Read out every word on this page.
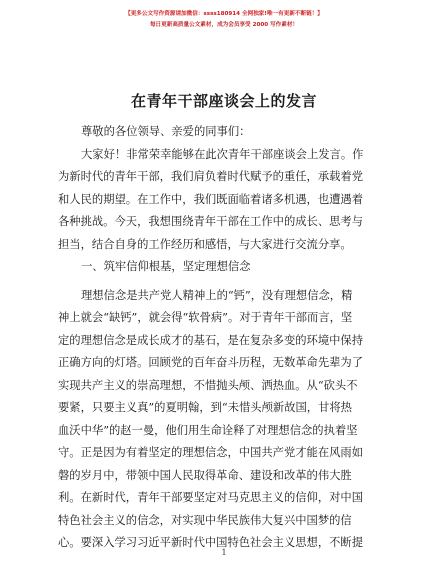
【更多公文写作资源请加微信：ssss180914 全网独家!唯一有更新不断链！】
每日更新高质量公文素材，成为会员享受 2000 写作素材！
在青年干部座谈会上的发言
尊敬的各位领导、亲爱的同事们：
大家好！非常荣幸能够在此次青年干部座谈会上发言。作
为新时代的青年干部，我们肩负着时代赋予的重任，承载着党
和人民的期望。在工作中，我们既面临着诸多机遇，也遭遇着
各种挑战。今天，我想围绕青年干部在工作中的成长、思考与
担当，结合自身的工作经历和感悟，与大家进行交流分享。
一、筑牢信仰根基，坚定理想信念
理想信念是共产党人精神上的“钙”，没有理想信念，精
神上就会“缺钙”，就会得“软骨病”。对于青年干部而言，坚
定的理想信念是成长成才的基石，是在复杂多变的环境中保持
正确方向的灯塔。回顾党的百年奋斗历程，无数革命先辈为了
实现共产主义的崇高理想，不惜抛头颅、洒热血。从“砍头不
要紧，只要主义真”的夏明翰，到“未惜头颅新故国，甘将热
血沃中华”的赵一曼，他们用生命诠释了对理想信念的执着坚
守。正是因为有着坚定的理想信念，中国共产党才能在风雨如
磐的岁月中，带领中国人民取得革命、建设和改革的伟大胜
利。在新时代，青年干部要坚定对马克思主义的信仰，对中国
特色社会主义的信念，对实现中华民族伟大复兴中国梦的信
心。要深入学习习近平新时代中国特色社会主义思想，不断提
1
